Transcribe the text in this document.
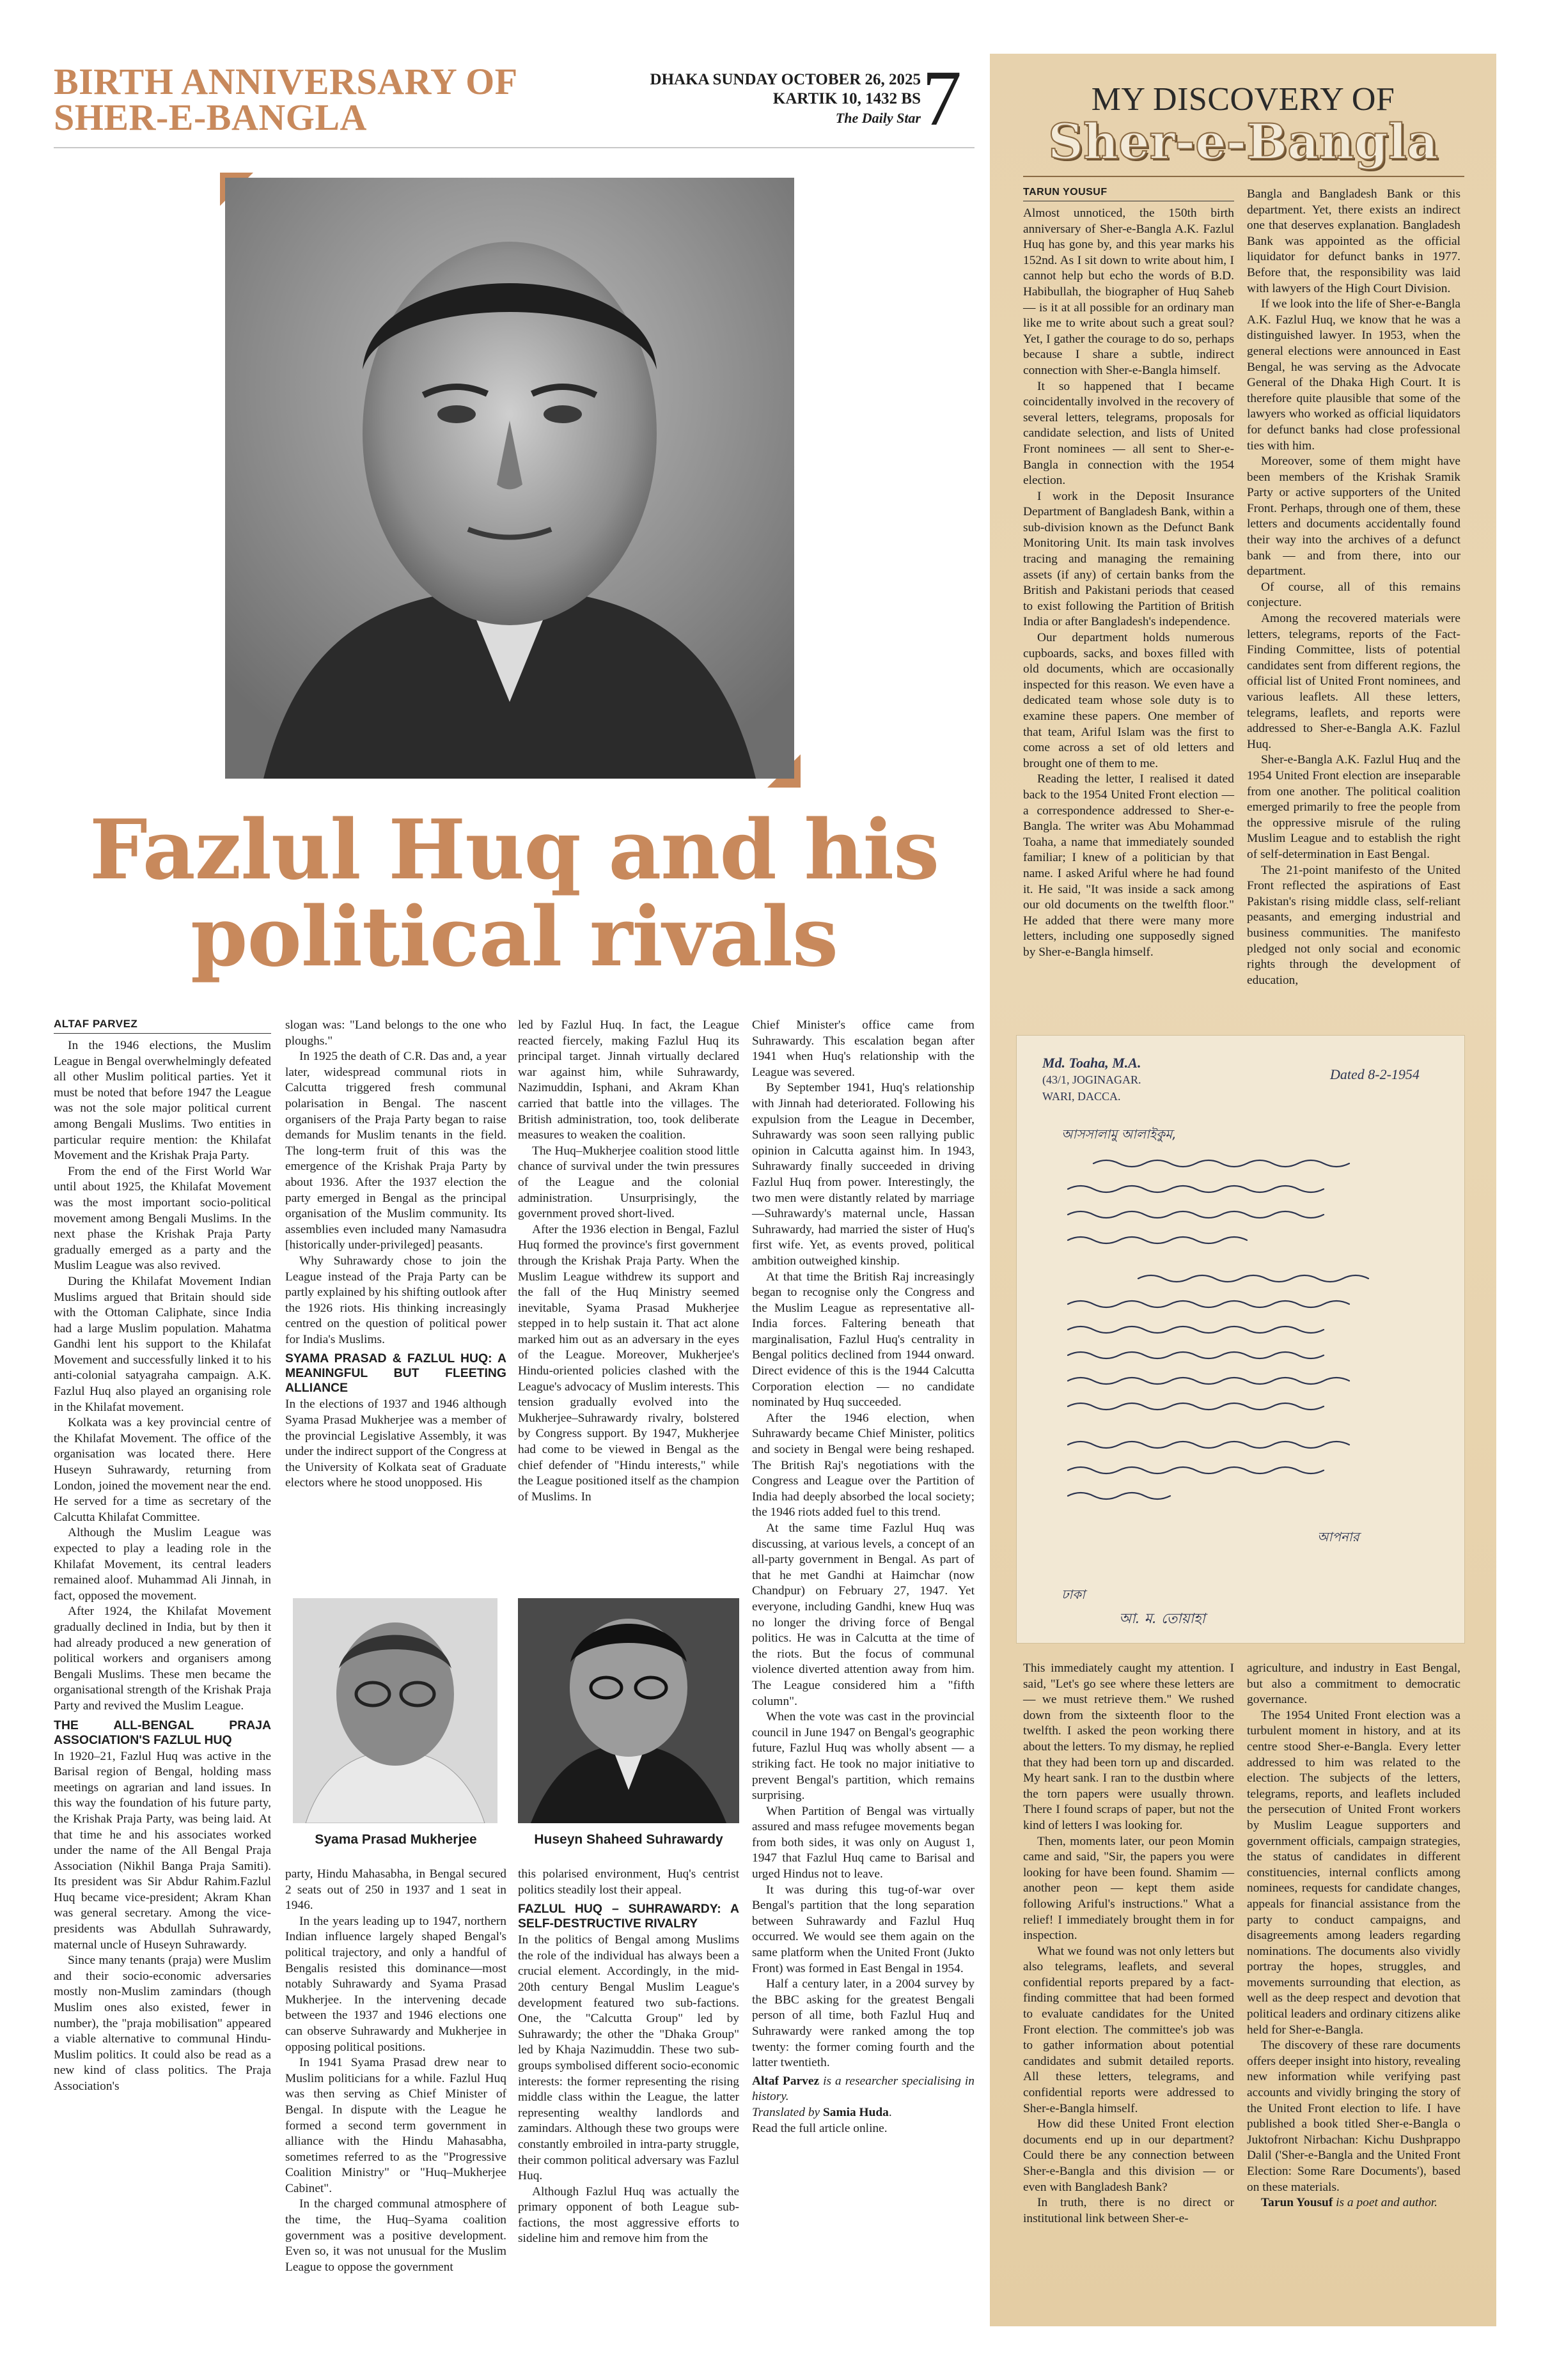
BIRTH ANNIVERSARY OF
SHER-E-BANGLA
DHAKA SUNDAY OCTOBER 26, 2025
KARTIK 10, 1432 BS
The Daily Star 7
Fazlul Huq and his
political rivals
ALTAF PARVEZ

In the 1946 elections, the Muslim League in Bengal overwhelmingly defeated all other Muslim political parties. Yet it must be noted that before 1947 the League was not the sole major political current among Bengali Muslims. Two entities in particular require mention: the Khilafat Movement and the Krishak Praja Party.

From the end of the First World War until about 1925, the Khilafat Movement was the most important socio-political movement among Bengali Muslims. In the next phase the Krishak Praja Party gradually emerged as a party and the Muslim League was also revived.

During the Khilafat Movement Indian Muslims argued that Britain should side with the Ottoman Caliphate, since India had a large Muslim population. Mahatma Gandhi lent his support to the Khilafat Movement and successfully linked it to his anti-colonial satyagraha campaign. A.K. Fazlul Huq also played an organising role in the Khilafat movement.

Kolkata was a key provincial centre of the Khilafat Movement. The office of the organisation was located there. Here Huseyn Suhrawardy, returning from London, joined the movement near the end. He served for a time as secretary of the Calcutta Khilafat Committee.

Although the Muslim League was expected to play a leading role in the Khilafat Movement, its central leaders remained aloof. Muhammad Ali Jinnah, in fact, opposed the movement.

After 1924, the Khilafat Movement gradually declined in India, but by then it had already produced a new generation of political workers and organisers among Bengali Muslims. These men became the organisational strength of the Krishak Praja Party and revived the Muslim League.

THE ALL-BENGAL PRAJA ASSOCIATION'S FAZLUL HUQ

In 1920–21, Fazlul Huq was active in the Barisal region of Bengal, holding mass meetings on agrarian and land issues. In this way the foundation of his future party, the Krishak Praja Party, was being laid. At that time he and his associates worked under the name of the All Bengal Praja Association (Nikhil Banga Praja Samiti). Its president was Sir Abdur Rahim.Fazlul Huq became vice-president; Akram Khan was general secretary. Among the vice-presidents was Abdullah Suhrawardy, maternal uncle of Huseyn Suhrawardy.

Since many tenants (praja) were Muslim and their socio-economic adversaries mostly non-Muslim zamindars (though Muslim ones also existed, fewer in number), the "praja mobilisation" appeared a viable alternative to communal Hindu-Muslim politics. It could also be read as a new kind of class politics. The Praja Association's

slogan was: "Land belongs to the one who ploughs."

In 1925 the death of C.R. Das and, a year later, widespread communal riots in Calcutta triggered fresh communal polarisation in Bengal. The nascent organisers of the Praja Party began to raise demands for Muslim tenants in the field. The long-term fruit of this was the emergence of the Krishak Praja Party by about 1936. After the 1937 election the party emerged in Bengal as the principal organisation of the Muslim community. Its assemblies even included many Namasudra [historically under-privileged] peasants.

Why Suhrawardy chose to join the League instead of the Praja Party can be partly explained by his shifting outlook after the 1926 riots. His thinking increasingly centred on the question of political power for India's Muslims.

SYAMA PRASAD & FAZLUL HUQ: A MEANINGFUL BUT FLEETING ALLIANCE

In the elections of 1937 and 1946 although Syama Prasad Mukherjee was a member of the provincial Legislative Assembly, it was under the indirect support of the Congress at the University of Kolkata seat of Graduate electors where he stood unopposed. His

led by Fazlul Huq. In fact, the League reacted fiercely, making Fazlul Huq its principal target. Jinnah virtually declared war against him, while Suhrawardy, Nazimuddin, Isphani, and Akram Khan carried that battle into the villages. The British administration, too, took deliberate measures to weaken the coalition.

The Huq–Mukherjee coalition stood little chance of survival under the twin pressures of the League and the colonial administration. Unsurprisingly, the government proved short-lived.

After the 1936 election in Bengal, Fazlul Huq formed the province's first government through the Krishak Praja Party. When the Muslim League withdrew its support and the fall of the Huq Ministry seemed inevitable, Syama Prasad Mukherjee stepped in to help sustain it. That act alone marked him out as an adversary in the eyes of the League. Moreover, Mukherjee's Hindu-oriented policies clashed with the League's advocacy of Muslim interests. This tension gradually evolved into the Mukherjee–Suhrawardy rivalry, bolstered by Congress support. By 1947, Mukherjee had come to be viewed in Bengal as the chief defender of "Hindu interests," while the League positioned itself as the champion of Muslims. In

Syama Prasad Mukherjee	Huseyn Shaheed Suhrawardy

party, Hindu Mahasabha, in Bengal secured 2 seats out of 250 in 1937 and 1 seat in 1946.

In the years leading up to 1947, northern Indian influence largely shaped Bengal's political trajectory, and only a handful of Bengalis resisted this dominance—most notably Suhrawardy and Syama Prasad Mukherjee. In the intervening decade between the 1937 and 1946 elections one can observe Suhrawardy and Mukherjee in opposing political positions.

In 1941 Syama Prasad drew near to Muslim politicians for a while. Fazlul Huq was then serving as Chief Minister of Bengal. In dispute with the League he formed a second term government in alliance with the Hindu Mahasabha, sometimes referred to as the "Progressive Coalition Ministry" or "Huq–Mukherjee Cabinet".

In the charged communal atmosphere of the time, the Huq–Syama coalition government was a positive development. Even so, it was not unusual for the Muslim League to oppose the government

this polarised environment, Huq's centrist politics steadily lost their appeal.

FAZLUL HUQ – SUHRAWARDY: A SELF-DESTRUCTIVE RIVALRY

In the politics of Bengal among Muslims the role of the individual has always been a crucial element. Accordingly, in the mid-20th century Bengal Muslim League's development featured two sub-factions. One, the "Calcutta Group" led by Suhrawardy; the other the "Dhaka Group" led by Khaja Nazimuddin. These two sub-groups symbolised different socio-economic interests: the former representing the rising middle class within the League, the latter representing wealthy landlords and zamindars. Although these two groups were constantly embroiled in intra-party struggle, their common political adversary was Fazlul Huq.

Although Fazlul Huq was actually the primary opponent of both League sub-factions, the most aggressive efforts to sideline him and remove him from the

Chief Minister's office came from Suhrawardy. This escalation began after 1941 when Huq's relationship with the League was severed.

By September 1941, Huq's relationship with Jinnah had deteriorated. Following his expulsion from the League in December, Suhrawardy was soon seen rallying public opinion in Calcutta against him. In 1943, Suhrawardy finally succeeded in driving Fazlul Huq from power. Interestingly, the two men were distantly related by marriage—Suhrawardy's maternal uncle, Hassan Suhrawardy, had married the sister of Huq's first wife. Yet, as events proved, political ambition outweighed kinship.

At that time the British Raj increasingly began to recognise only the Congress and the Muslim League as representative all-India forces. Faltering beneath that marginalisation, Fazlul Huq's centrality in Bengal politics declined from 1944 onward. Direct evidence of this is the 1944 Calcutta Corporation election — no candidate nominated by Huq succeeded.

After the 1946 election, when Suhrawardy became Chief Minister, politics and society in Bengal were being reshaped. The British Raj's negotiations with the Congress and League over the Partition of India had deeply absorbed the local society; the 1946 riots added fuel to this trend.

At the same time Fazlul Huq was discussing, at various levels, a concept of an all-party government in Bengal. As part of that he met Gandhi at Haimchar (now Chandpur) on February 27, 1947. Yet everyone, including Gandhi, knew Huq was no longer the driving force of Bengal politics. He was in Calcutta at the time of the riots. But the focus of communal violence diverted attention away from him. The League considered him a "fifth column".

When the vote was cast in the provincial council in June 1947 on Bengal's geographic future, Fazlul Huq was wholly absent — a striking fact. He took no major initiative to prevent Bengal's partition, which remains surprising.

When Partition of Bengal was virtually assured and mass refugee movements began from both sides, it was only on August 1, 1947 that Fazlul Huq came to Barisal and urged Hindus not to leave.

It was during this tug-of-war over Bengal's partition that the long separation between Suhrawardy and Fazlul Huq occurred. We would see them again on the same platform when the United Front (Jukto Front) was formed in East Bengal in 1954.

Half a century later, in a 2004 survey by the BBC asking for the greatest Bengali person of all time, both Fazlul Huq and Suhrawardy were ranked among the top twenty: the former coming fourth and the latter twentieth.

Altaf Parvez is a researcher specialising in history.
Translated by Samia Huda.
Read the full article online.

MY DISCOVERY OF
Sher-e-Bangla
TARUN YOUSUF

Almost unnoticed, the 150th birth anniversary of Sher-e-Bangla A.K. Fazlul Huq has gone by, and this year marks his 152nd. As I sit down to write about him, I cannot help but echo the words of B.D. Habibullah, the biographer of Huq Saheb — is it at all possible for an ordinary man like me to write about such a great soul? Yet, I gather the courage to do so, perhaps because I share a subtle, indirect connection with Sher-e-Bangla himself.

It so happened that I became coincidentally involved in the recovery of several letters, telegrams, proposals for candidate selection, and lists of United Front nominees — all sent to Sher-e-Bangla in connection with the 1954 election.

I work in the Deposit Insurance Department of Bangladesh Bank, within a sub-division known as the Defunct Bank Monitoring Unit. Its main task involves tracing and managing the remaining assets (if any) of certain banks from the British and Pakistani periods that ceased to exist following the Partition of British India or after Bangladesh's independence.

Our department holds numerous cupboards, sacks, and boxes filled with old documents, which are occasionally inspected for this reason. We even have a dedicated team whose sole duty is to examine these papers. One member of that team, Ariful Islam was the first to come across a set of old letters and brought one of them to me.

Reading the letter, I realised it dated back to the 1954 United Front election — a correspondence addressed to Sher-e-Bangla. The writer was Abu Mohammad Toaha, a name that immediately sounded familiar; I knew of a politician by that name. I asked Ariful where he had found it. He said, "It was inside a sack among our old documents on the twelfth floor." He added that there were many more letters, including one supposedly signed by Sher-e-Bangla himself.

Bangla and Bangladesh Bank or this department. Yet, there exists an indirect one that deserves explanation. Bangladesh Bank was appointed as the official liquidator for defunct banks in 1977. Before that, the responsibility was laid with lawyers of the High Court Division.

If we look into the life of Sher-e-Bangla A.K. Fazlul Huq, we know that he was a distinguished lawyer. In 1953, when the general elections were announced in East Bengal, he was serving as the Advocate General of the Dhaka High Court. It is therefore quite plausible that some of the lawyers who worked as official liquidators for defunct banks had close professional ties with him.

Moreover, some of them might have been members of the Krishak Sramik Party or active supporters of the United Front. Perhaps, through one of them, these letters and documents accidentally found their way into the archives of a defunct bank — and from there, into our department.

Of course, all of this remains conjecture.

Among the recovered materials were letters, telegrams, reports of the Fact-Finding Committee, lists of potential candidates sent from different regions, the official list of United Front nominees, and various leaflets. All these letters, telegrams, leaflets, and reports were addressed to Sher-e-Bangla A.K. Fazlul Huq.

Sher-e-Bangla A.K. Fazlul Huq and the 1954 United Front election are inseparable from one another. The political coalition emerged primarily to free the people from the oppressive misrule of the ruling Muslim League and to establish the right of self-determination in East Bengal.

The 21-point manifesto of the United Front reflected the aspirations of East Pakistan's rising middle class, self-reliant peasants, and emerging industrial and business communities. The manifesto pledged not only social and economic rights through the development of education,

Md. Toaha, M.A.
(43/1, JOGINAGAR.
WARI, DACCA.
Dated 8-2-1954
আসসালামু আলাইকুম,
আপনার
ঢাকা
আ. ম. তোয়াহা

This immediately caught my attention. I said, "Let's go see where these letters are — we must retrieve them." We rushed down from the sixteenth floor to the twelfth. I asked the peon working there about the letters. To my dismay, he replied that they had been torn up and discarded. My heart sank. I ran to the dustbin where the torn papers were usually thrown. There I found scraps of paper, but not the kind of letters I was looking for.

Then, moments later, our peon Momin came and said, "Sir, the papers you were looking for have been found. Shamim — another peon — kept them aside following Ariful's instructions." What a relief! I immediately brought them in for inspection.

What we found was not only letters but also telegrams, leaflets, and several confidential reports prepared by a fact-finding committee that had been formed to evaluate candidates for the United Front election. The committee's job was to gather information about potential candidates and submit detailed reports. All these letters, telegrams, and confidential reports were addressed to Sher-e-Bangla himself.

How did these United Front election documents end up in our department? Could there be any connection between Sher-e-Bangla and this division — or even with Bangladesh Bank?

In truth, there is no direct or institutional link between Sher-e-

agriculture, and industry in East Bengal, but also a commitment to democratic governance.

The 1954 United Front election was a turbulent moment in history, and at its centre stood Sher-e-Bangla. Every letter addressed to him was related to the election. The subjects of the letters, telegrams, reports, and leaflets included the persecution of United Front workers by Muslim League supporters and government officials, campaign strategies, the status of candidates in different constituencies, internal conflicts among nominees, requests for candidate changes, appeals for financial assistance from the party to conduct campaigns, and disagreements among leaders regarding nominations. The documents also vividly portray the hopes, struggles, and movements surrounding that election, as well as the deep respect and devotion that political leaders and ordinary citizens alike held for Sher-e-Bangla.

The discovery of these rare documents offers deeper insight into history, revealing new information while verifying past accounts and vividly bringing the story of the United Front election to life. I have published a book titled Sher-e-Bangla o Juktofront Nirbachan: Kichu Dushprappo Dalil ('Sher-e-Bangla and the United Front Election: Some Rare Documents'), based on these materials.

Tarun Yousuf is a poet and author.
